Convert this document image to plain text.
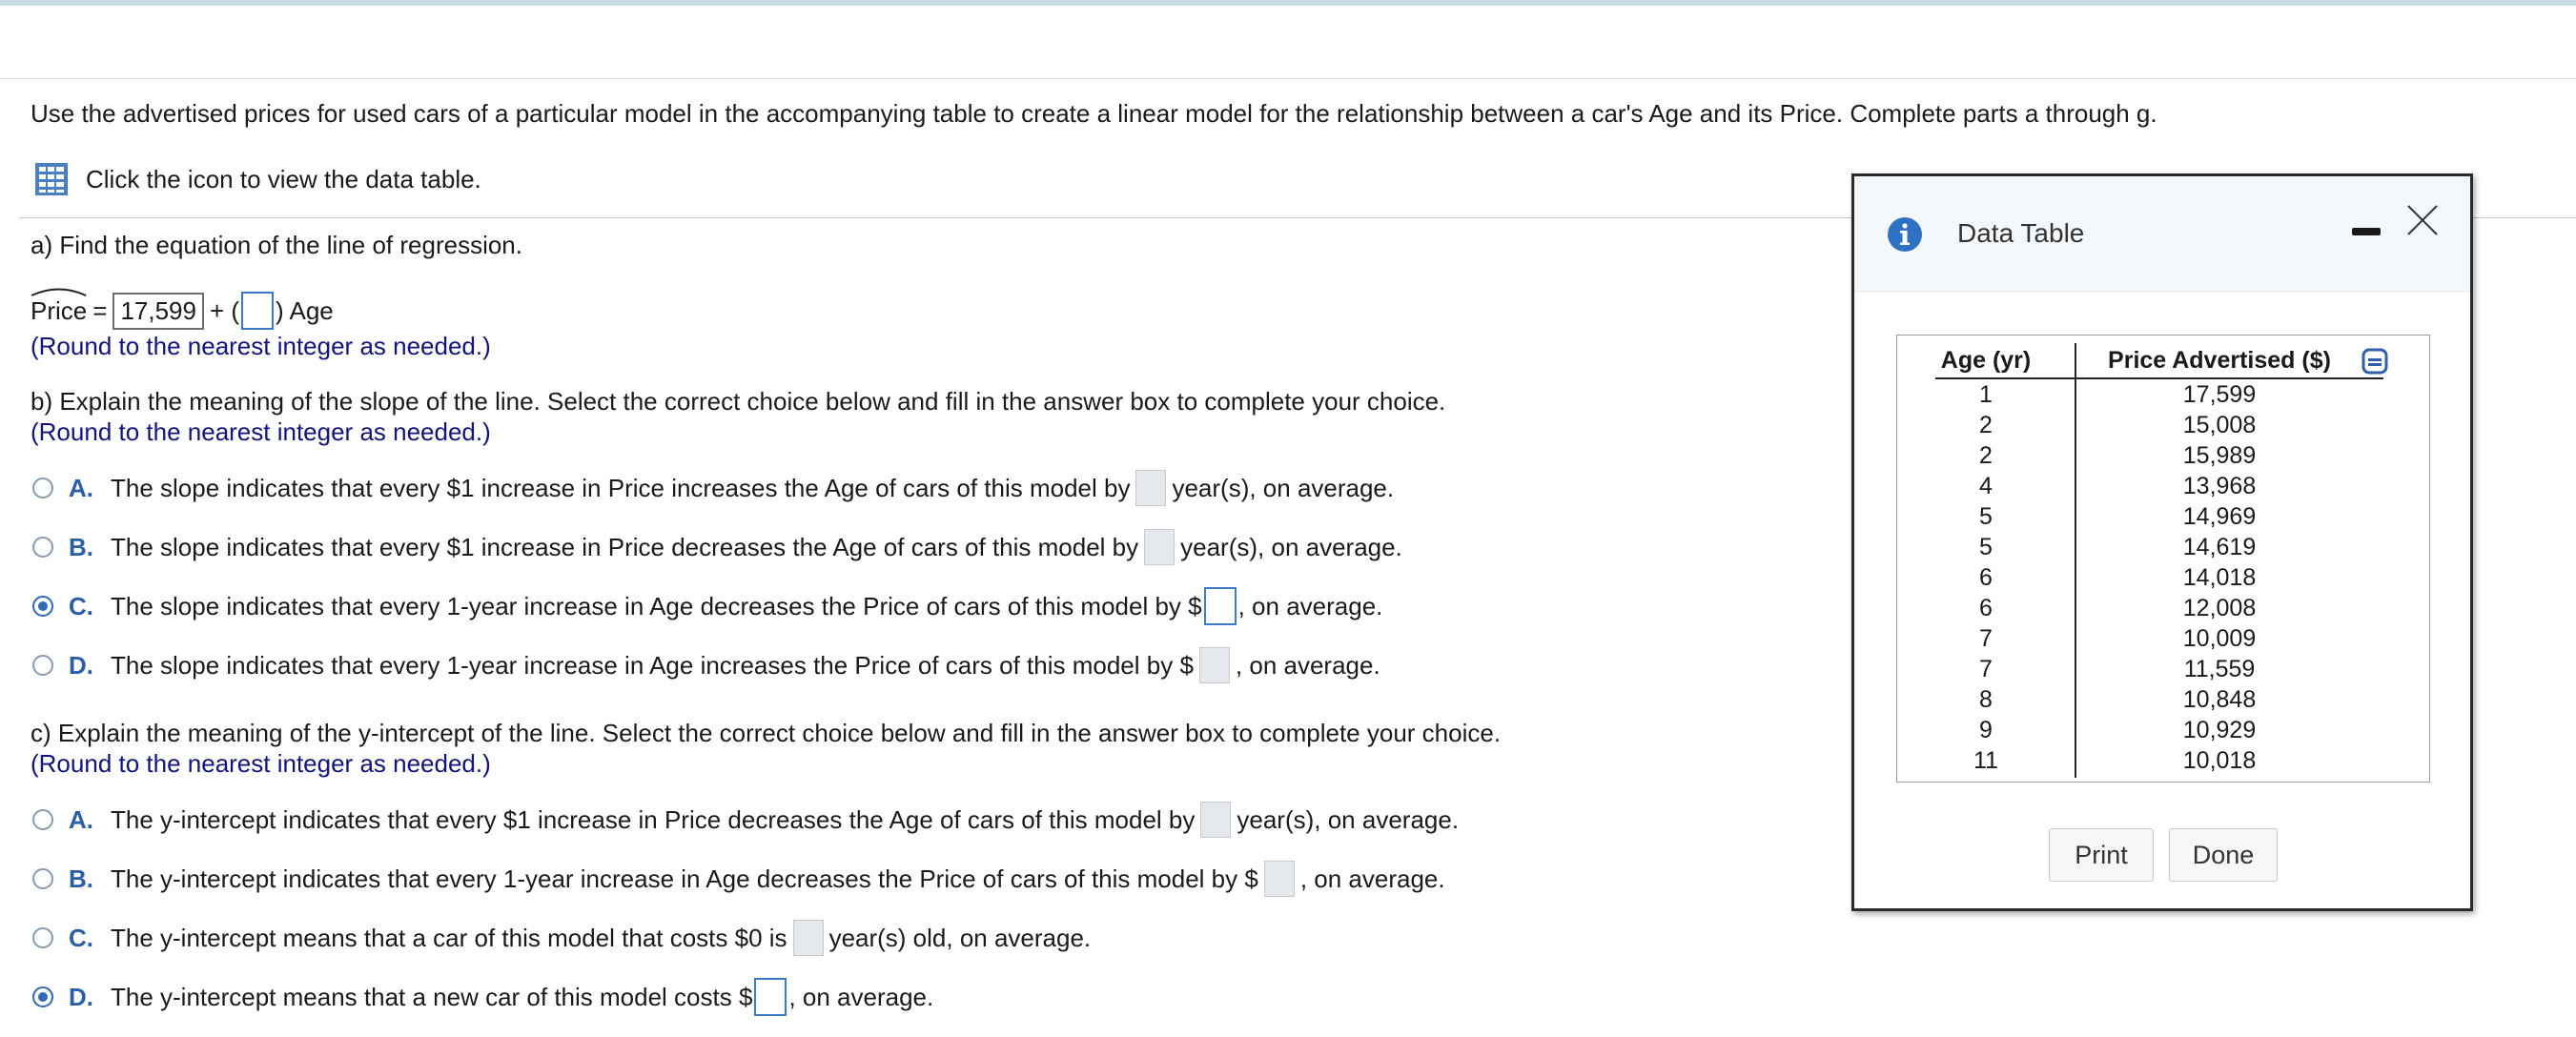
Use the advertised prices for used cars of a particular model in the accompanying table to create a linear model for the relationship between a car's Age and its Price. Complete parts a through g.
Click the icon to view the data table.
a) Find the equation of the line of regression.
Price = 17,599 + ( ) Age
(Round to the nearest integer as needed.)
b) Explain the meaning of the slope of the line. Select the correct choice below and fill in the answer box to complete your choice.
(Round to the nearest integer as needed.)
A. The slope indicates that every $1 increase in Price increases the Age of cars of this model by year(s), on average.
B. The slope indicates that every $1 increase in Price decreases the Age of cars of this model by year(s), on average.
C. The slope indicates that every 1-year increase in Age decreases the Price of cars of this model by $ , on average.
D. The slope indicates that every 1-year increase in Age increases the Price of cars of this model by $ , on average.
c) Explain the meaning of the y-intercept of the line. Select the correct choice below and fill in the answer box to complete your choice.
(Round to the nearest integer as needed.)
A. The y-intercept indicates that every $1 increase in Price decreases the Age of cars of this model by year(s), on average.
B. The y-intercept indicates that every 1-year increase in Age decreases the Price of cars of this model by $ , on average.
C. The y-intercept means that a car of this model that costs $0 is year(s) old, on average.
D. The y-intercept means that a new car of this model costs $ , on average.
Data Table
Age (yr)	Price Advertised ($)
1	17,599
2	15,008
2	15,989
4	13,968
5	14,969
5	14,619
6	14,018
6	12,008
7	10,009
7	11,559
8	10,848
9	10,929
11	10,018
Print	Done
